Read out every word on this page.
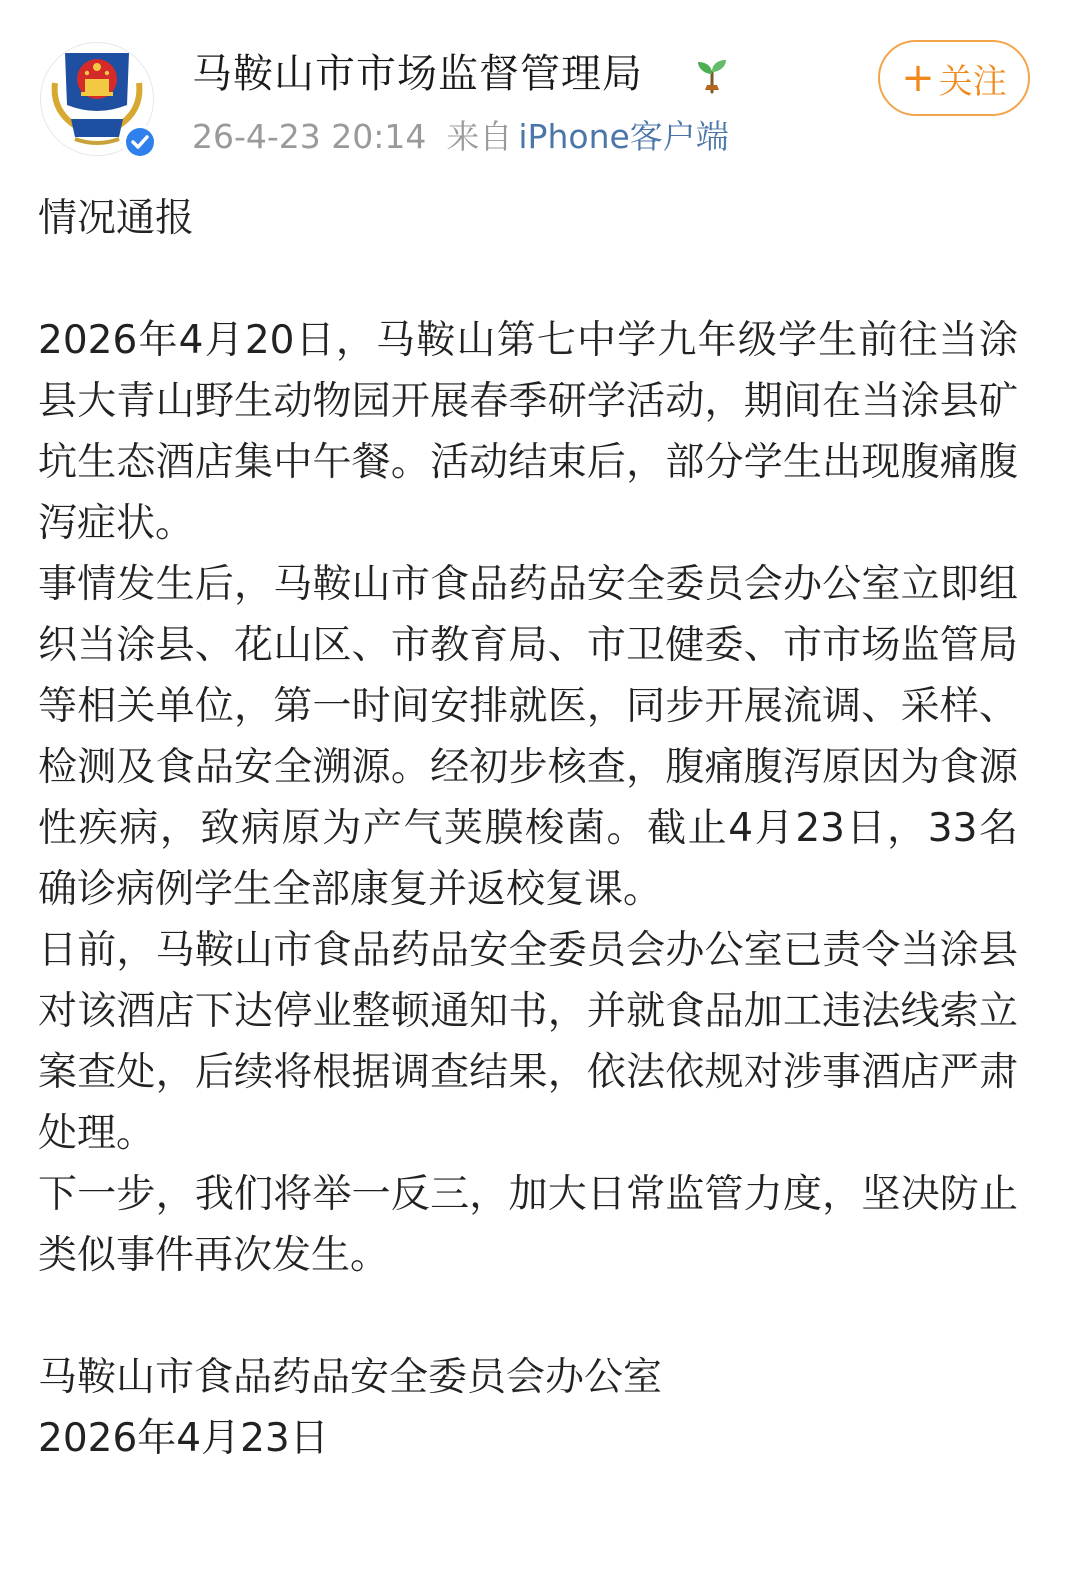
马鞍山市市场监督管理局
26-4-23 20:14 来自 iPhone客户端
+ 关注

情况通报

2026年4月20日，马鞍山第七中学九年级学生前往当涂县大青山野生动物园开展春季研学活动，期间在当涂县矿坑生态酒店集中午餐。活动结束后，部分学生出现腹痛腹泻症状。

事情发生后，马鞍山市食品药品安全委员会办公室立即组织当涂县、花山区、市教育局、市卫健委、市市场监管局等相关单位，第一时间安排就医，同步开展流调、采样、检测及食品安全溯源。经初步核查，腹痛腹泻原因为食源性疾病，致病原为产气荚膜梭菌。截止4月23日，33名确诊病例学生全部康复并返校复课。

日前，马鞍山市食品药品安全委员会办公室已责令当涂县对该酒店下达停业整顿通知书，并就食品加工违法线索立案查处，后续将根据调查结果，依法依规对涉事酒店严肃处理。

下一步，我们将举一反三，加大日常监管力度，坚决防止类似事件再次发生。

马鞍山市食品药品安全委员会办公室

2026年4月23日
